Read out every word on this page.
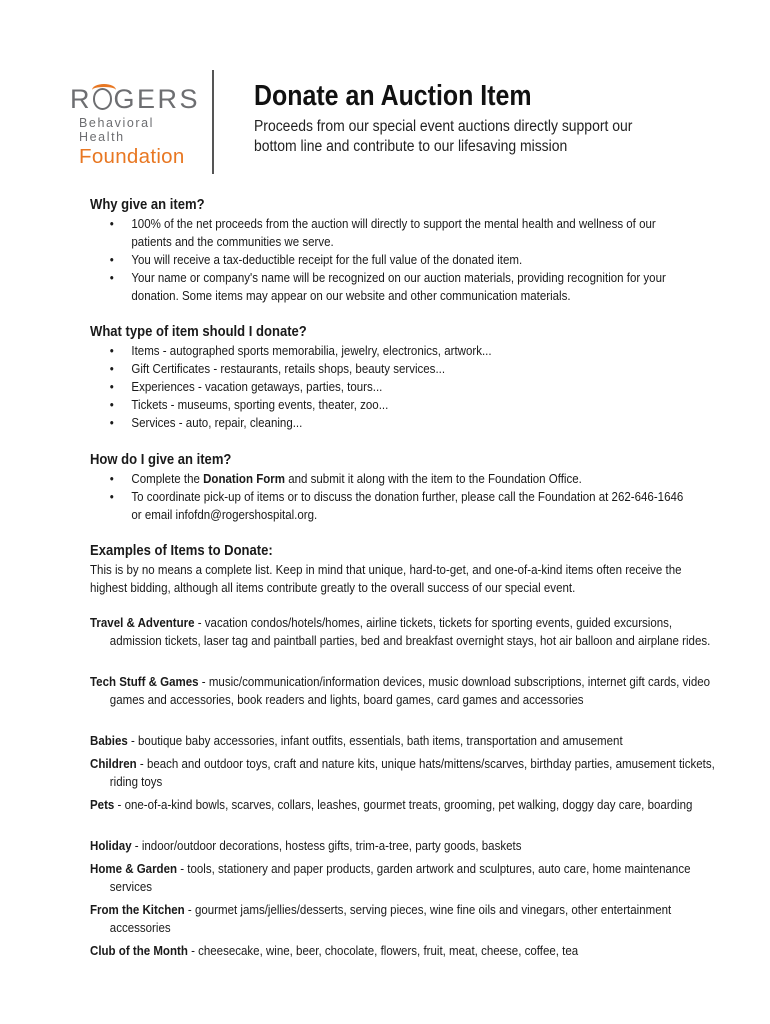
R GERS
Behavioral Health
Foundation
Donate an Auction Item
Proceeds from our special event auctions directly support our bottom line and contribute to our lifesaving mission
Why give an item?
• 100% of the net proceeds from the auction will directly to support the mental health and wellness of our patients and the communities we serve.
• You will receive a tax-deductible receipt for the full value of the donated item.
• Your name or company's name will be recognized on our auction materials, providing recognition for your donation. Some items may appear on our website and other communication materials.
What type of item should I donate?
• Items - autographed sports memorabilia, jewelry, electronics, artwork...
• Gift Certificates - restaurants, retails shops, beauty services...
• Experiences - vacation getaways, parties, tours...
• Tickets - museums, sporting events, theater, zoo...
• Services - auto, repair, cleaning...
How do I give an item?
• Complete the Donation Form and submit it along with the item to the Foundation Office.
• To coordinate pick-up of items or to discuss the donation further, please call the Foundation at 262-646-1646 or email infofdn@rogershospital.org.
Examples of Items to Donate:
This is by no means a complete list. Keep in mind that unique, hard-to-get, and one-of-a-kind items often receive the highest bidding, although all items contribute greatly to the overall success of our special event.
Travel & Adventure - vacation condos/hotels/homes, airline tickets, tickets for sporting events, guided excursions, admission tickets, laser tag and paintball parties, bed and breakfast overnight stays, hot air balloon and airplane rides.
Tech Stuff & Games - music/communication/information devices, music download subscriptions, internet gift cards, video games and accessories, book readers and lights, board games, card games and accessories
Babies - boutique baby accessories, infant outfits, essentials, bath items, transportation and amusement
Children - beach and outdoor toys, craft and nature kits, unique hats/mittens/scarves, birthday parties, amusement tickets, riding toys
Pets - one-of-a-kind bowls, scarves, collars, leashes, gourmet treats, grooming, pet walking, doggy day care, boarding
Holiday - indoor/outdoor decorations, hostess gifts, trim-a-tree, party goods, baskets
Home & Garden - tools, stationery and paper products, garden artwork and sculptures, auto care, home maintenance services
From the Kitchen - gourmet jams/jellies/desserts, serving pieces, wine fine oils and vinegars, other entertainment accessories
Club of the Month - cheesecake, wine, beer, chocolate, flowers, fruit, meat, cheese, coffee, tea
